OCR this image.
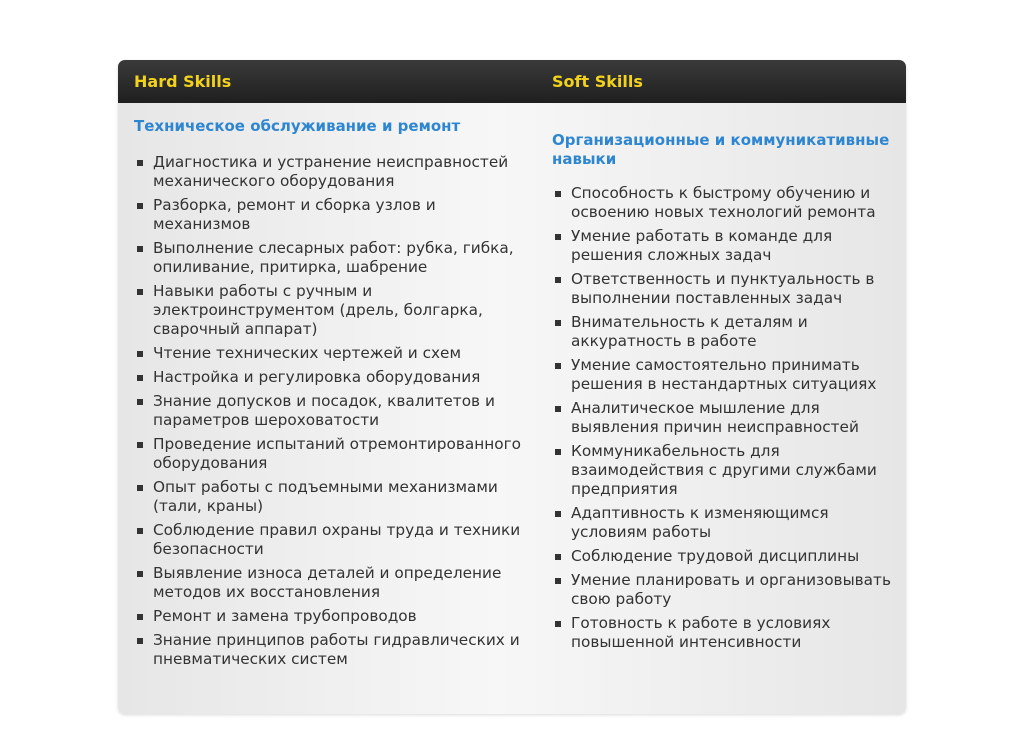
Hard Skills	Soft Skills
Техническое обслуживание и ремонт
Диагностика и устранение неисправностей механического оборудования
Разборка, ремонт и сборка узлов и механизмов
Выполнение слесарных работ: рубка, гибка, опиливание, притирка, шабрение
Навыки работы с ручным и электроинструментом (дрель, болгарка, сварочный аппарат)
Чтение технических чертежей и схем
Настройка и регулировка оборудования
Знание допусков и посадок, квалитетов и параметров шероховатости
Проведение испытаний отремонтированного оборудования
Опыт работы с подъемными механизмами (тали, краны)
Соблюдение правил охраны труда и техники безопасности
Выявление износа деталей и определение методов их восстановления
Ремонт и замена трубопроводов
Знание принципов работы гидравлических и пневматических систем
Организационные и коммуникативные навыки
Способность к быстрому обучению и освоению новых технологий ремонта
Умение работать в команде для решения сложных задач
Ответственность и пунктуальность в выполнении поставленных задач
Внимательность к деталям и аккуратность в работе
Умение самостоятельно принимать решения в нестандартных ситуациях
Аналитическое мышление для выявления причин неисправностей
Коммуникабельность для взаимодействия с другими службами предприятия
Адаптивность к изменяющимся условиям работы
Соблюдение трудовой дисциплины
Умение планировать и организовывать свою работу
Готовность к работе в условиях повышенной интенсивности
